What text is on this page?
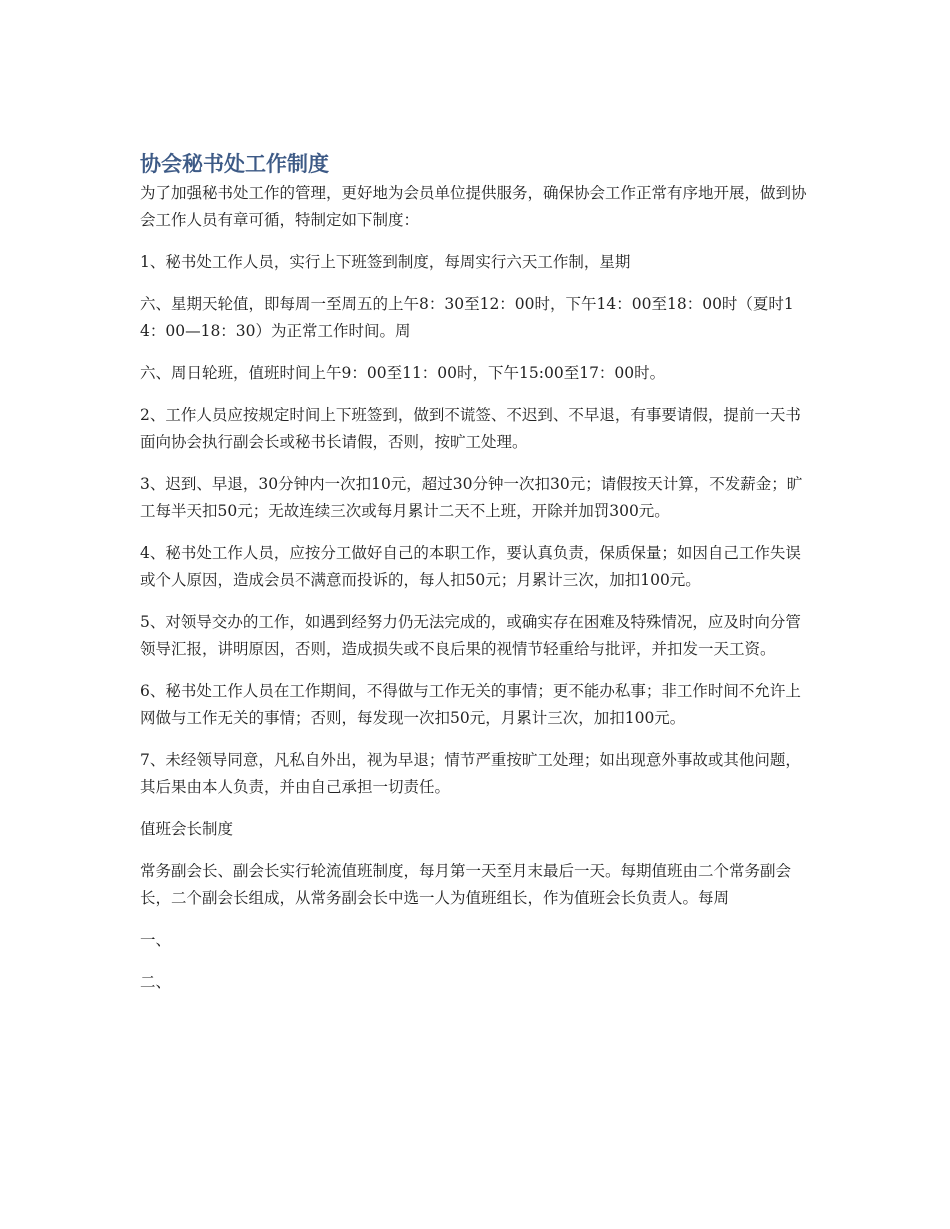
协会秘书处工作制度

为了加强秘书处工作的管理，更好地为会员单位提供服务，确保协会工作正常有序地开展，做到协会工作人员有章可循，特制定如下制度：

1、秘书处工作人员，实行上下班签到制度，每周实行六天工作制，星期

六、星期天轮值，即每周一至周五的上午8：30至12：00时，下午14：00至18：00时（夏时14：00—18：30）为正常工作时间。周

六、周日轮班，值班时间上午9：00至11：00时，下午15:00至17：00时。

2、工作人员应按规定时间上下班签到，做到不谎签、不迟到、不早退，有事要请假，提前一天书面向协会执行副会长或秘书长请假，否则，按旷工处理。

3、迟到、早退，30分钟内一次扣10元，超过30分钟一次扣30元；请假按天计算，不发薪金；旷工每半天扣50元；无故连续三次或每月累计二天不上班，开除并加罚300元。

4、秘书处工作人员，应按分工做好自己的本职工作，要认真负责，保质保量；如因自己工作失误或个人原因，造成会员不满意而投诉的，每人扣50元；月累计三次，加扣100元。

5、对领导交办的工作，如遇到经努力仍无法完成的，或确实存在困难及特殊情况，应及时向分管领导汇报，讲明原因，否则，造成损失或不良后果的视情节轻重给与批评，并扣发一天工资。

6、秘书处工作人员在工作期间，不得做与工作无关的事情；更不能办私事；非工作时间不允许上网做与工作无关的事情；否则，每发现一次扣50元，月累计三次，加扣100元。

7、未经领导同意，凡私自外出，视为早退；情节严重按旷工处理；如出现意外事故或其他问题，其后果由本人负责，并由自己承担一切责任。

值班会长制度

常务副会长、副会长实行轮流值班制度，每月第一天至月末最后一天。每期值班由二个常务副会长，二个副会长组成，从常务副会长中选一人为值班组长，作为值班会长负责人。每周

一、

二、
